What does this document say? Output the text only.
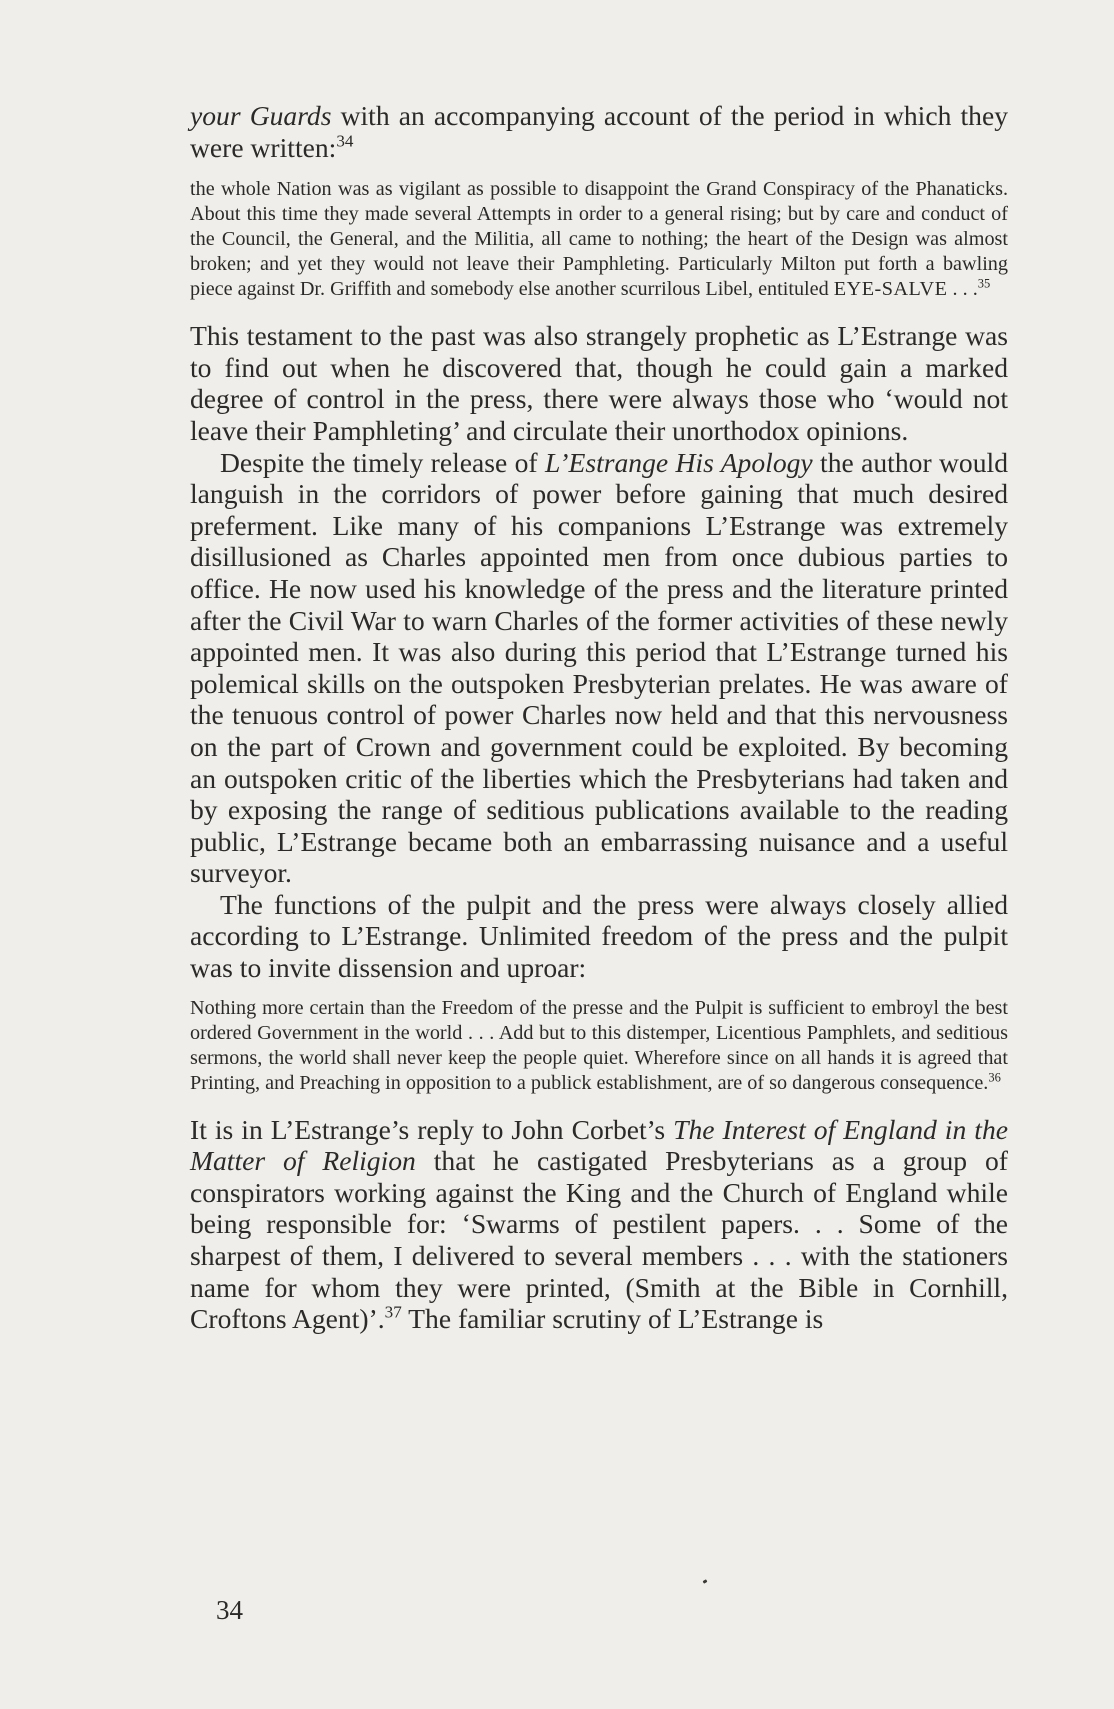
your Guards with an accompanying account of the period in which they were written:$^{34}$

the whole Nation was as vigilant as possible to disappoint the Grand Conspiracy of the Phanaticks. About this time they made several Attempts in order to a general rising; but by care and conduct of the Council, the General, and the Militia, all came to nothing; the heart of the Design was almost broken; and yet they would not leave their Pamphleting. Particularly Milton put forth a bawling piece against Dr. Griffith and somebody else another scurrilous Libel, entituled EYE-SALVE . . .$^{35}$

This testament to the past was also strangely prophetic as L’Estrange was to find out when he discovered that, though he could gain a marked degree of control in the press, there were always those who ‘would not leave their Pamphleting’ and circulate their unorthodox opinions.

Despite the timely release of L’Estrange His Apology the author would languish in the corridors of power before gaining that much desired preferment. Like many of his companions L’Estrange was extremely disillusioned as Charles appointed men from once dubious parties to office. He now used his knowledge of the press and the literature printed after the Civil War to warn Charles of the former activities of these newly appointed men. It was also during this period that L’Estrange turned his polemical skills on the outspoken Presbyterian prelates. He was aware of the tenuous control of power Charles now held and that this nervousness on the part of Crown and government could be exploited. By becoming an outspoken critic of the liberties which the Presbyterians had taken and by exposing the range of seditious publications available to the reading public, L’Estrange became both an embarrassing nuisance and a useful surveyor.

The functions of the pulpit and the press were always closely allied according to L’Estrange. Unlimited freedom of the press and the pulpit was to invite dissension and uproar:

Nothing more certain than the Freedom of the presse and the Pulpit is sufficient to embroyl the best ordered Government in the world . . . Add but to this distemper, Licentious Pamphlets, and seditious sermons, the world shall never keep the people quiet. Wherefore since on all hands it is agreed that Printing, and Preaching in opposition to a publick establishment, are of so dangerous consequence.$^{36}$

It is in L’Estrange’s reply to John Corbet’s The Interest of England in the Matter of Religion that he castigated Presbyterians as a group of conspirators working against the King and the Church of England while being responsible for: ‘Swarms of pestilent papers. . . Some of the sharpest of them, I delivered to several members . . . with the stationers name for whom they were printed, (Smith at the Bible in Cornhill, Croftons Agent)’.$^{37}$ The familiar scrutiny of L’Estrange is

34
